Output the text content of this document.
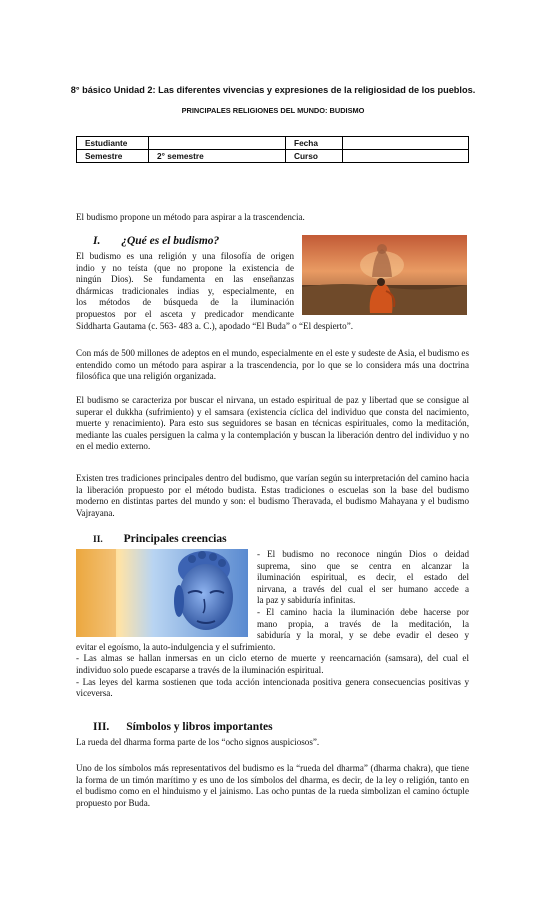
8° básico Unidad 2: Las diferentes vivencias y expresiones de la religiosidad de los pueblos.
PRINCIPALES RELIGIONES DEL MUNDO: BUDISMO
Estudiante		Fecha	
Semestre	2° semestre	Curso	

El budismo propone un método para aspirar a la trascendencia.

I. ¿Qué es el budismo?
El budismo es una religión y una filosofía de origen
indio y no teísta (que no propone la existencia de
ningún Dios). Se fundamenta en las enseñanzas
dhármicas tradicionales indias y, especialmente, en
los métodos de búsqueda de la iluminación
propuestos por el asceta y predicador mendicante
Siddharta Gautama (c. 563- 483 a. C.), apodado “El Buda” o “El despierto”.

Con más de 500 millones de adeptos en el mundo, especialmente en el este y sudeste de Asia, el budismo es entendido como un método para aspirar a la trascendencia, por lo que se lo considera más una doctrina filosófica que una religión organizada.

El budismo se caracteriza por buscar el nirvana, un estado espiritual de paz y libertad que se consigue al superar el dukkha (sufrimiento) y el samsara (existencia cíclica del individuo que consta del nacimiento, muerte y renacimiento). Para esto sus seguidores se basan en técnicas espirituales, como la meditación, mediante las cuales persiguen la calma y la contemplación y buscan la liberación dentro del individuo y no en el medio externo.

Existen tres tradiciones principales dentro del budismo, que varían según su interpretación del camino hacia la liberación propuesto por el método budista. Estas tradiciones o escuelas son la base del budismo moderno en distintas partes del mundo y son: el budismo Theravada, el budismo Mahayana y el budismo Vajrayana.

II. Principales creencias
- El budismo no reconoce ningún Dios o deidad
suprema, sino que se centra en alcanzar la
iluminación espiritual, es decir, el estado del
nirvana, a través del cual el ser humano accede a
la paz y sabiduría infinitas.
- El camino hacia la iluminación debe hacerse por
mano propia, a través de la meditación, la
sabiduría y la moral, y se debe evadir el deseo y
evitar el egoísmo, la auto-indulgencia y el sufrimiento.

- Las almas se hallan inmersas en un ciclo eterno de muerte y reencarnación (samsara), del cual el individuo solo puede escaparse a través de la iluminación espiritual.

- Las leyes del karma sostienen que toda acción intencionada positiva genera consecuencias positivas y viceversa.

III. Símbolos y libros importantes

La rueda del dharma forma parte de los “ocho signos auspiciosos”.

Uno de los símbolos más representativos del budismo es la “rueda del dharma” (dharma chakra), que tiene la forma de un timón marítimo y es uno de los símbolos del dharma, es decir, de la ley o religión, tanto en el budismo como en el hinduismo y el jainismo. Las ocho puntas de la rueda simbolizan el camino óctuple propuesto por Buda.
